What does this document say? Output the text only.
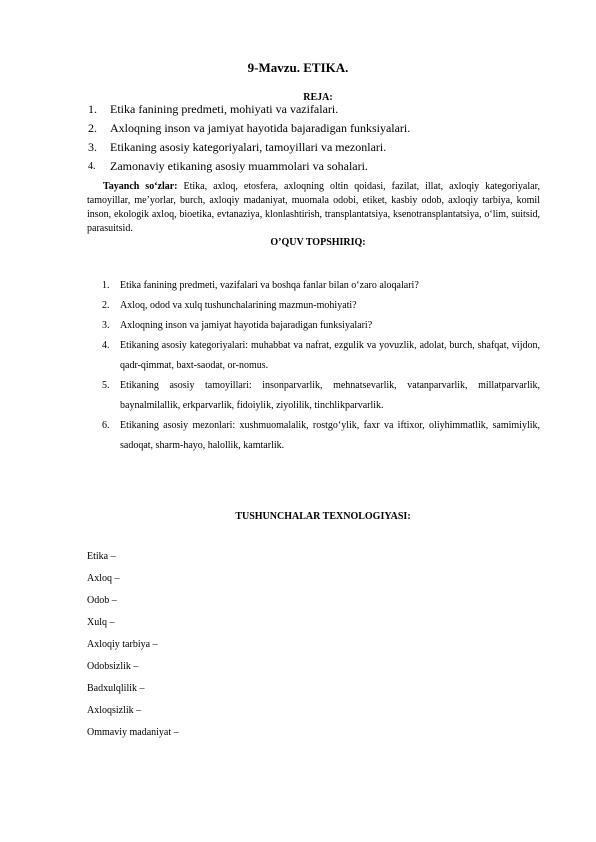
9-Mavzu. ETIKA.
REJA:
1. Etika fanining predmeti, mohiyati va vazifalari.
2. Axloqning inson va jamiyat hayotida bajaradigan funksiyalari.
3. Etikaning asosiy kategoriyalari, tamoyillari va mezonlari.
4. Zamonaviy etikaning asosiy muammolari va sohalari.
Tayanch so‘zlar: Etika, axloq, etosfera, axloqning oltin qoidasi, fazilat, illat, axloqiy kategoriyalar, tamoyillar, me’yorlar, burch, axloqiy madaniyat, muomala odobi, etiket, kasbiy odob, axloqiy tarbiya, komil inson, ekologik axloq, bioetika, evtanaziya, klonlashtirish, transplantatsiya, ksenotransplantatsiya, o‘lim, suitsid, parasuitsid.
O’QUV TOPSHIRIQ:
1. Etika fanining predmeti, vazifalari va boshqa fanlar bilan o‘zaro aloqalari?
2. Axloq, odod va xulq tushunchalarining mazmun-mohiyati?
3. Axloqning inson va jamiyat hayotida bajaradigan funksiyalari?
4. Etikaning asosiy kategoriyalari: muhabbat va nafrat, ezgulik va yovuzlik, adolat, burch, shafqat, vijdon, qadr-qimmat, baxt-saodat, or-nomus.
5. Etikaning asosiy tamoyillari: insonparvarlik, mehnatsevarlik, vatanparvarlik, millatparvarlik, baynalmilallik, erkparvarlik, fidoiylik, ziyolilik, tinchlikparvarlik.
6. Etikaning asosiy mezonlari: xushmuomalalik, rostgo‘ylik, faxr va iftixor, oliyhimmatlik, samimiylik, sadoqat, sharm-hayo, halollik, kamtarlik.
TUSHUNCHALAR TEXNOLOGIYASI:
Etika –
Axloq –
Odob –
Xulq –
Axloqiy tarbiya –
Odobsizlik –
Badxulqlilik –
Axloqsizlik –
Ommaviy madaniyat –
